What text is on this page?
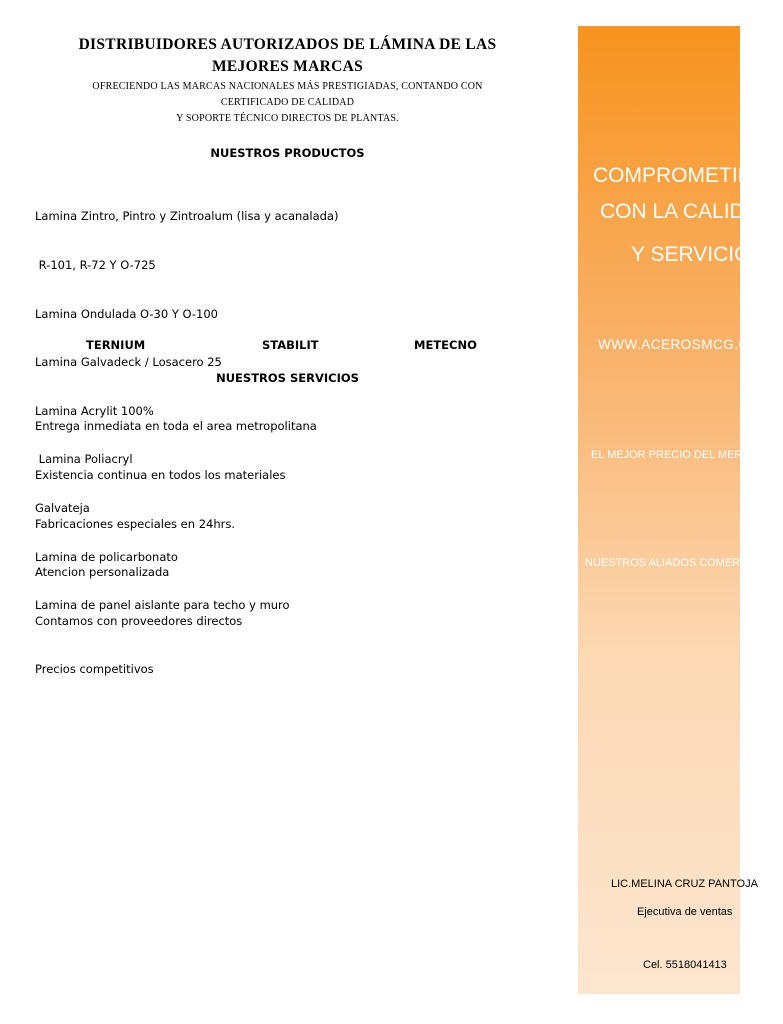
DISTRIBUIDORES AUTORIZADOS DE LÁMINA DE LAS
MEJORES MARCAS
OFRECIENDO LAS MARCAS NACIONALES MÁS PRESTIGIADAS, CONTANDO CON
CERTIFICADO DE CALIDAD
Y SOPORTE TÉCNICO DIRECTOS DE PLANTAS.
NUESTROS PRODUCTOS

Lamina Zintro, Pintro y Zintroalum (lisa y acanalada)

R-101, R-72 Y O-725

Lamina Ondulada O-30 Y O-100

Lamina Galvadeck / Losacero 25

Lamina Acrylit 100%

Lamina Poliacryl

Galvateja

Lamina de policarbonato

Lamina de panel aislante para techo y muro

TERNIUM	STABILIT	METECNO
NUESTROS SERVICIOS

Entrega inmediata en toda el area metropolitana

Existencia continua en todos los materiales

Fabricaciones especiales en 24hrs.

Atencion personalizada

Contamos con proveedores directos

Precios competitivos

COMPROMETIDOS
CON LA CALIDAD
Y SERVICIO
WWW.ACEROSMCG.COM
EL MEJOR PRECIO DEL MERCADO
NUESTROS ALIADOS COMERCIALES
LIC.MELINA CRUZ PANTOJA
Ejecutiva de ventas
Cel. 5518041413
